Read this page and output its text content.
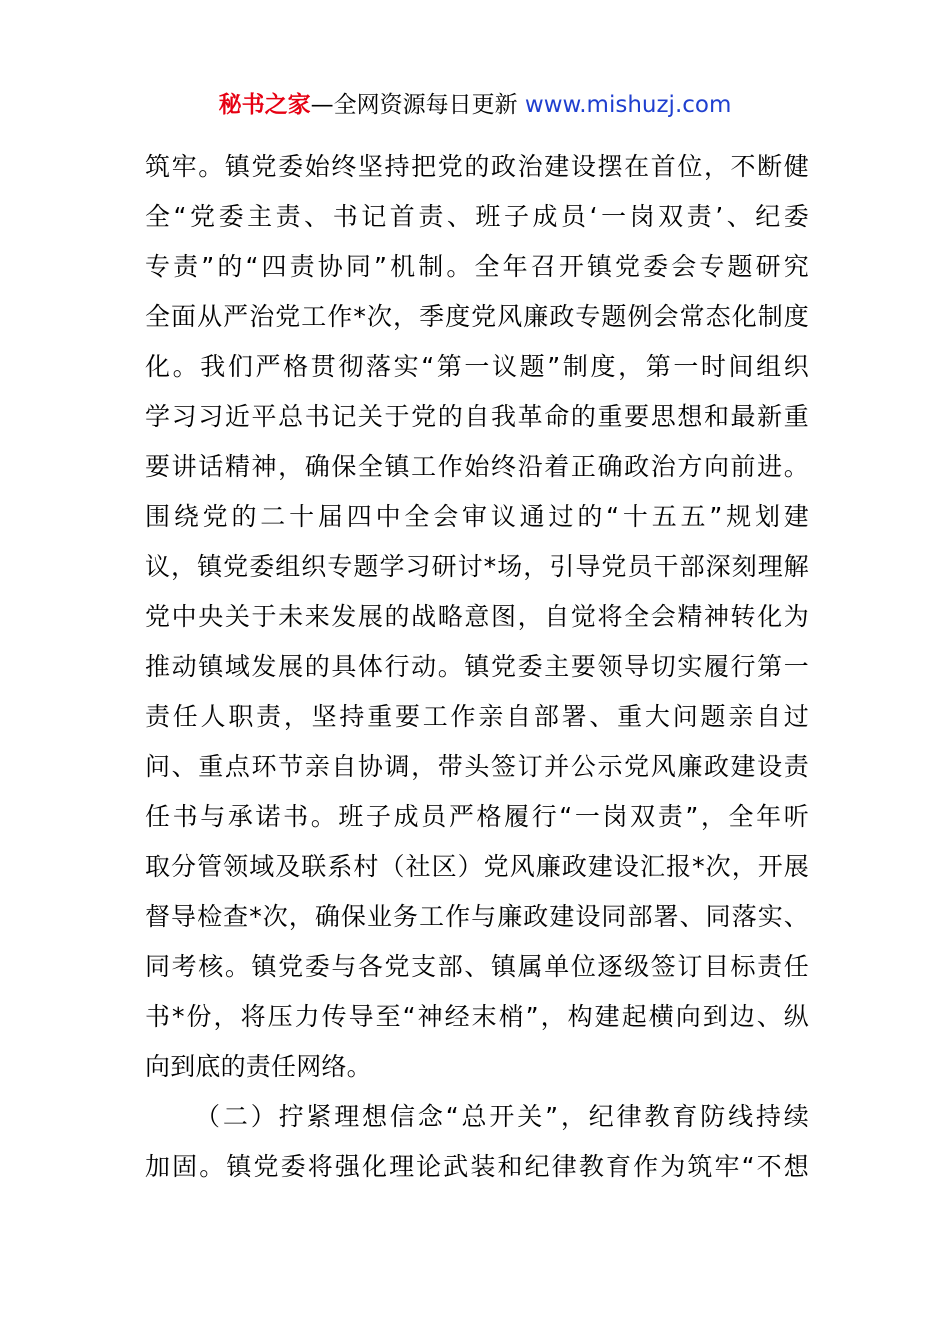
秘书之家—全网资源每日更新 www.mishuzj.com
筑牢。镇党委始终坚持把党的政治建设摆在首位，不断健
全“党委主责、书记首责、班子成员‘一岗双责’、纪委
专责”的“四责协同”机制。全年召开镇党委会专题研究
全面从严治党工作*次，季度党风廉政专题例会常态化制度
化。我们严格贯彻落实“第一议题”制度，第一时间组织
学习习近平总书记关于党的自我革命的重要思想和最新重
要讲话精神，确保全镇工作始终沿着正确政治方向前进。
围绕党的二十届四中全会审议通过的“十五五”规划建
议，镇党委组织专题学习研讨*场，引导党员干部深刻理解
党中央关于未来发展的战略意图，自觉将全会精神转化为
推动镇域发展的具体行动。镇党委主要领导切实履行第一
责任人职责，坚持重要工作亲自部署、重大问题亲自过
问、重点环节亲自协调，带头签订并公示党风廉政建设责
任书与承诺书。班子成员严格履行“一岗双责”，全年听
取分管领域及联系村（社区）党风廉政建设汇报*次，开展
督导检查*次，确保业务工作与廉政建设同部署、同落实、
同考核。镇党委与各党支部、镇属单位逐级签订目标责任
书*份，将压力传导至“神经末梢”，构建起横向到边、纵
向到底的责任网络。
（二）拧紧理想信念“总开关”，纪律教育防线持续
加固。镇党委将强化理论武装和纪律教育作为筑牢“不想
